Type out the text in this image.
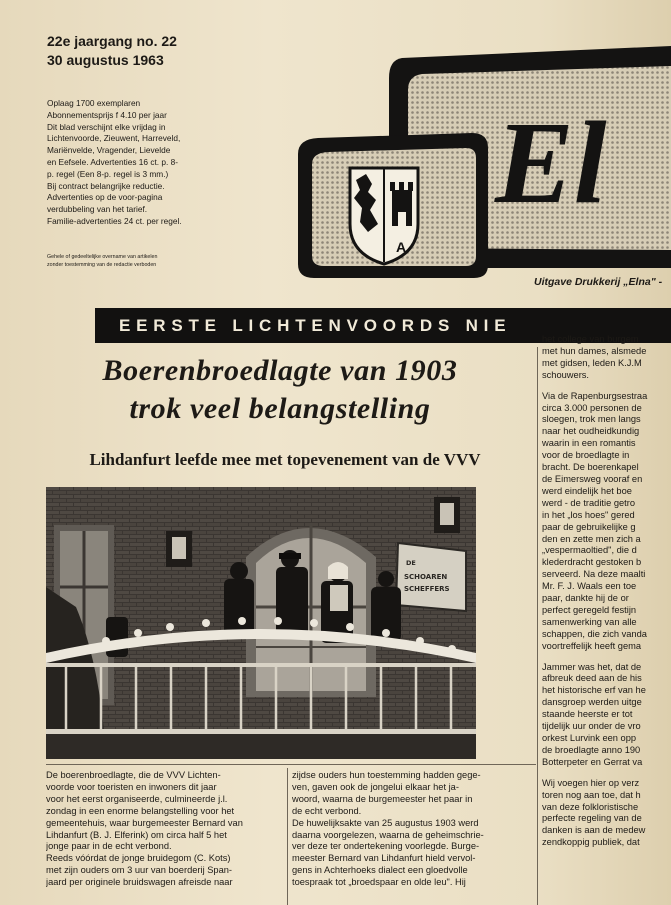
22e jaargang no. 22
30 augustus 1963
Oplaag 1700 exemplaren
Abonnementsprijs f 4.10 per jaar
Dit blad verschijnt elke vrijdag in
Lichtenvoorde, Zieuwent, Harreveld,
Mariënvelde, Vragender, Lievelde
en Eefsele. Advertenties 16 ct. p. 8-
p. regel (Een 8-p. regel is 3 mm.)
Bij contract belangrijke reductie.
Advertenties op de voor-pagina
verdubbeling van het tarief.
Familie-advertenties 24 ct. per regel.
Gehele of gedeeltelijke overname van artikelen
zonder toestemming van de redactie verboden
El
A
Uitgave Drukkerij „Elna" -
EERSTE LICHTENVOORDS NIE
Boerenbroedlagte van 1903
trok veel belangstelling
Lihdanfurt leefde mee met topevenement van de VVV
DE
SCHOAREN
SCHEFFERS
De boerenbroedlagte, die de VVV Lichten-
voorde voor toeristen en inwoners dit jaar
voor het eerst organiseerde, culmineerde j.l.
zondag in een enorme belangstelling voor het
gemeentehuis, waar burgemeester Bernard van
Lihdanfurt (B. J. Elferink) om circa half 5 het
jonge paar in de echt verbond.
Reeds vóórdat de jonge bruidegom (C. Kots)
met zijn ouders om 3 uur van boerderij Span-
jaard per originele bruidswagen afreisde naar
zijdse ouders hun toestemming hadden gege-
ven, gaven ook de jongelui elkaar het ja-
woord, waarna de burgemeester het paar in
de echt verbond.
De huwelijksakte van 25 augustus 1903 werd
daarna voorgelezen, waarna de geheimschrie-
ver deze ter ondertekening voorlegde. Burge-
meester Bernard van Lihdanfurt hield vervol-
gens in Achterhoeks dialect een gloedvolle
toespraak tot „broedspaar en olde leu". Hij
het college van burgem
met hun dames, alsmede
met gidsen, leden K.J.M
schouwers.
Via de Rapenburgsestraa
circa 3.000 personen de
sloegen, trok men langs
naar het oudheidkundig
waarin in een romantis
voor de broedlagte in
bracht. De boerenkapel
de Eimersweg vooraf en
werd eindelijk het boe
werd - de traditie getro
in het „los hoes" gered
paar de gebruikelijke g
den en zette men zich a
„vespermaoltied", die d
klederdracht gestoken b
serveerd. Na deze maalti
Mr. F. J. Waals een toe
paar, dankte hij de or
perfect geregeld festijn
samenwerking van alle
schappen, die zich vanda
voortreffelijk heeft gema
Jammer was het, dat de
afbreuk deed aan de his
het historische erf van he
dansgroep werden uitge
staande heerste er tot
tijdelijk uur onder de vro
orkest Lurvink een opp
de broedlagte anno 190
Botterpeter en Gerrat va
Wij voegen hier op verz
toren nog aan toe, dat h
van deze folkloristische
perfecte regeling van de
danken is aan de medew
zendkoppig publiek, dat
